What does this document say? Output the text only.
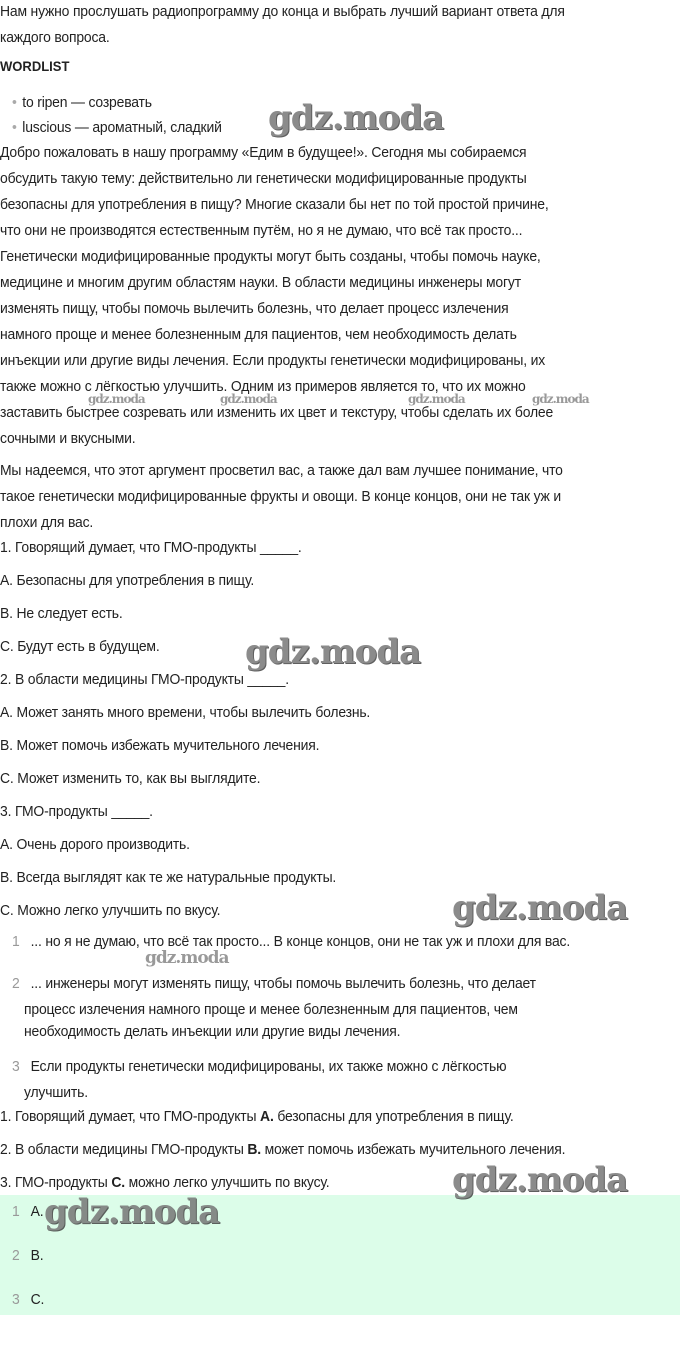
Нам нужно прослушать радиопрограмму до конца и выбрать лучший вариант ответа для
каждого вопроса.
WORDLIST
• to ripen — созревать
• luscious — ароматный, сладкий
Добро пожаловать в нашу программу «Едим в будущее!». Сегодня мы собираемся
обсудить такую тему: действительно ли генетически модифицированные продукты
безопасны для употребления в пищу? Многие сказали бы нет по той простой причине,
что они не производятся естественным путём, но я не думаю, что всё так просто...
Генетически модифицированные продукты могут быть созданы, чтобы помочь науке,
медицине и многим другим областям науки. В области медицины инженеры могут
изменять пищу, чтобы помочь вылечить болезнь, что делает процесс излечения
намного проще и менее болезненным для пациентов, чем необходимость делать
инъекции или другие виды лечения. Если продукты генетически модифицированы, их
также можно с лёгкостью улучшить. Одним из примеров является то, что их можно
заставить быстрее созревать или изменить их цвет и текстуру, чтобы сделать их более
сочными и вкусными.
Мы надеемся, что этот аргумент просветил вас, а также дал вам лучшее понимание, что
такое генетически модифицированные фрукты и овощи. В конце концов, они не так уж и
плохи для вас.
1. Говорящий думает, что ГМО-продукты _____.
A. Безопасны для употребления в пищу.
B. Не следует есть.
C. Будут есть в будущем.
2. В области медицины ГМО-продукты _____.
A. Может занять много времени, чтобы вылечить болезнь.
B. Может помочь избежать мучительного лечения.
C. Может изменить то, как вы выглядите.
3. ГМО-продукты _____.
A. Очень дорого производить.
B. Всегда выглядят как те же натуральные продукты.
C. Можно легко улучшить по вкусу.
1 ... но я не думаю, что всё так просто... В конце концов, они не так уж и плохи для вас.
2 ... инженеры могут изменять пищу, чтобы помочь вылечить болезнь, что делает
процесс излечения намного проще и менее болезненным для пациентов, чем
необходимость делать инъекции или другие виды лечения.
3 Если продукты генетически модифицированы, их также можно с лёгкостью
улучшить.
1. Говорящий думает, что ГМО-продукты A. безопасны для употребления в пищу.
2. В области медицины ГМО-продукты B. может помочь избежать мучительного лечения.
3. ГМО-продукты C. можно легко улучшить по вкусу.
1 A.
2 B.
3 C.
gdz.moda
gdz.moda	gdz.moda	gdz.moda	gdz.moda
gdz.moda
gdz.moda
gdz.moda
gdz.moda
gdz.moda
